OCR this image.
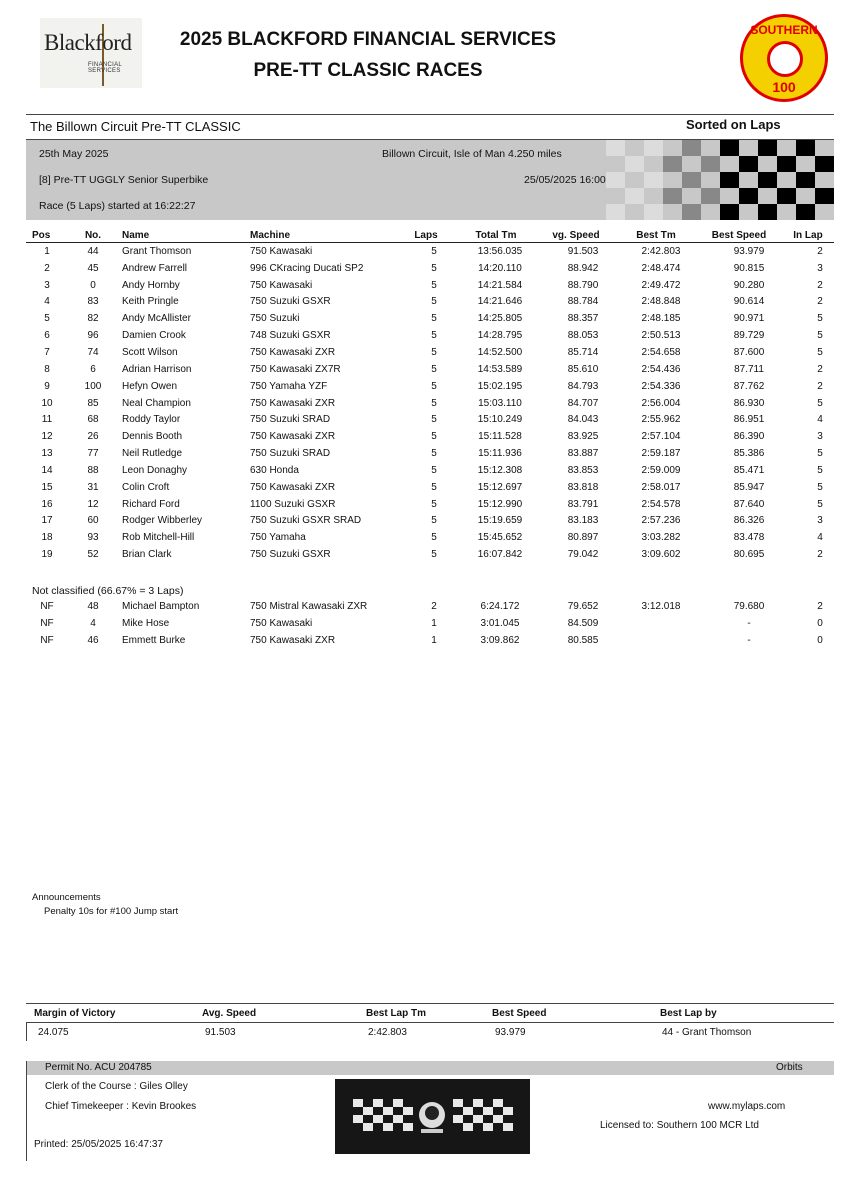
Blackford
FINANCIAL SERVICES
2025 BLACKFORD FINANCIAL SERVICES
PRE-TT CLASSIC RACES
SOUTHERN
100
The Billown Circuit Pre-TT CLASSIC	Sorted on Laps
25th May 2025	Billown Circuit, Isle of Man 4.250 miles
[8] Pre-TT UGGLY Senior Superbike	25/05/2025 16:00
Race (5 Laps) started at 16:22:27
Pos	No.	Name	Machine	Laps	Total Tm	vg. Speed	Best Tm	Best Speed	In Lap
1	44	Grant Thomson	750 Kawasaki	5	13:56.035	91.503	2:42.803	93.979	2
2	45	Andrew Farrell	996 CKracing Ducati SP2	5	14:20.110	88.942	2:48.474	90.815	3
3	0	Andy Hornby	750 Kawasaki	5	14:21.584	88.790	2:49.472	90.280	2
4	83	Keith Pringle	750 Suzuki GSXR	5	14:21.646	88.784	2:48.848	90.614	2
5	82	Andy McAllister	750 Suzuki	5	14:25.805	88.357	2:48.185	90.971	5
6	96	Damien Crook	748 Suzuki GSXR	5	14:28.795	88.053	2:50.513	89.729	5
7	74	Scott Wilson	750 Kawasaki ZXR	5	14:52.500	85.714	2:54.658	87.600	5
8	6	Adrian Harrison	750 Kawasaki ZX7R	5	14:53.589	85.610	2:54.436	87.711	2
9	100	Hefyn Owen	750 Yamaha YZF	5	15:02.195	84.793	2:54.336	87.762	2
10	85	Neal Champion	750 Kawasaki ZXR	5	15:03.110	84.707	2:56.004	86.930	5
11	68	Roddy Taylor	750 Suzuki SRAD	5	15:10.249	84.043	2:55.962	86.951	4
12	26	Dennis Booth	750 Kawasaki ZXR	5	15:11.528	83.925	2:57.104	86.390	3
13	77	Neil Rutledge	750 Suzuki SRAD	5	15:11.936	83.887	2:59.187	85.386	5
14	88	Leon Donaghy	630 Honda	5	15:12.308	83.853	2:59.009	85.471	5
15	31	Colin Croft	750 Kawasaki ZXR	5	15:12.697	83.818	2:58.017	85.947	5
16	12	Richard Ford	1100 Suzuki GSXR	5	15:12.990	83.791	2:54.578	87.640	5
17	60	Rodger Wibberley	750 Suzuki GSXR SRAD	5	15:19.659	83.183	2:57.236	86.326	3
18	93	Rob Mitchell-Hill	750 Yamaha	5	15:45.652	80.897	3:03.282	83.478	4
19	52	Brian Clark	750 Suzuki GSXR	5	16:07.842	79.042	3:09.602	80.695	2
Not classified (66.67% = 3 Laps)
NF	48	Michael Bampton	750 Mistral Kawasaki ZXR	2	6:24.172	79.652	3:12.018	79.680	2
NF	4	Mike Hose	750 Kawasaki	1	3:01.045	84.509		-	0
NF	46	Emmett Burke	750 Kawasaki ZXR	1	3:09.862	80.585		-	0
Announcements
Penalty 10s for #100 Jump start
Margin of Victory	Avg. Speed	Best Lap Tm	Best Speed	Best Lap by
24.075	91.503	2:42.803	93.979	44 - Grant Thomson
Permit No. ACU 204785	Orbits
Clerk of the Course : Giles Olley
Chief Timekeeper : Kevin Brookes	www.mylaps.com
Licensed to: Southern 100 MCR Ltd
Printed: 25/05/2025 16:47:37
